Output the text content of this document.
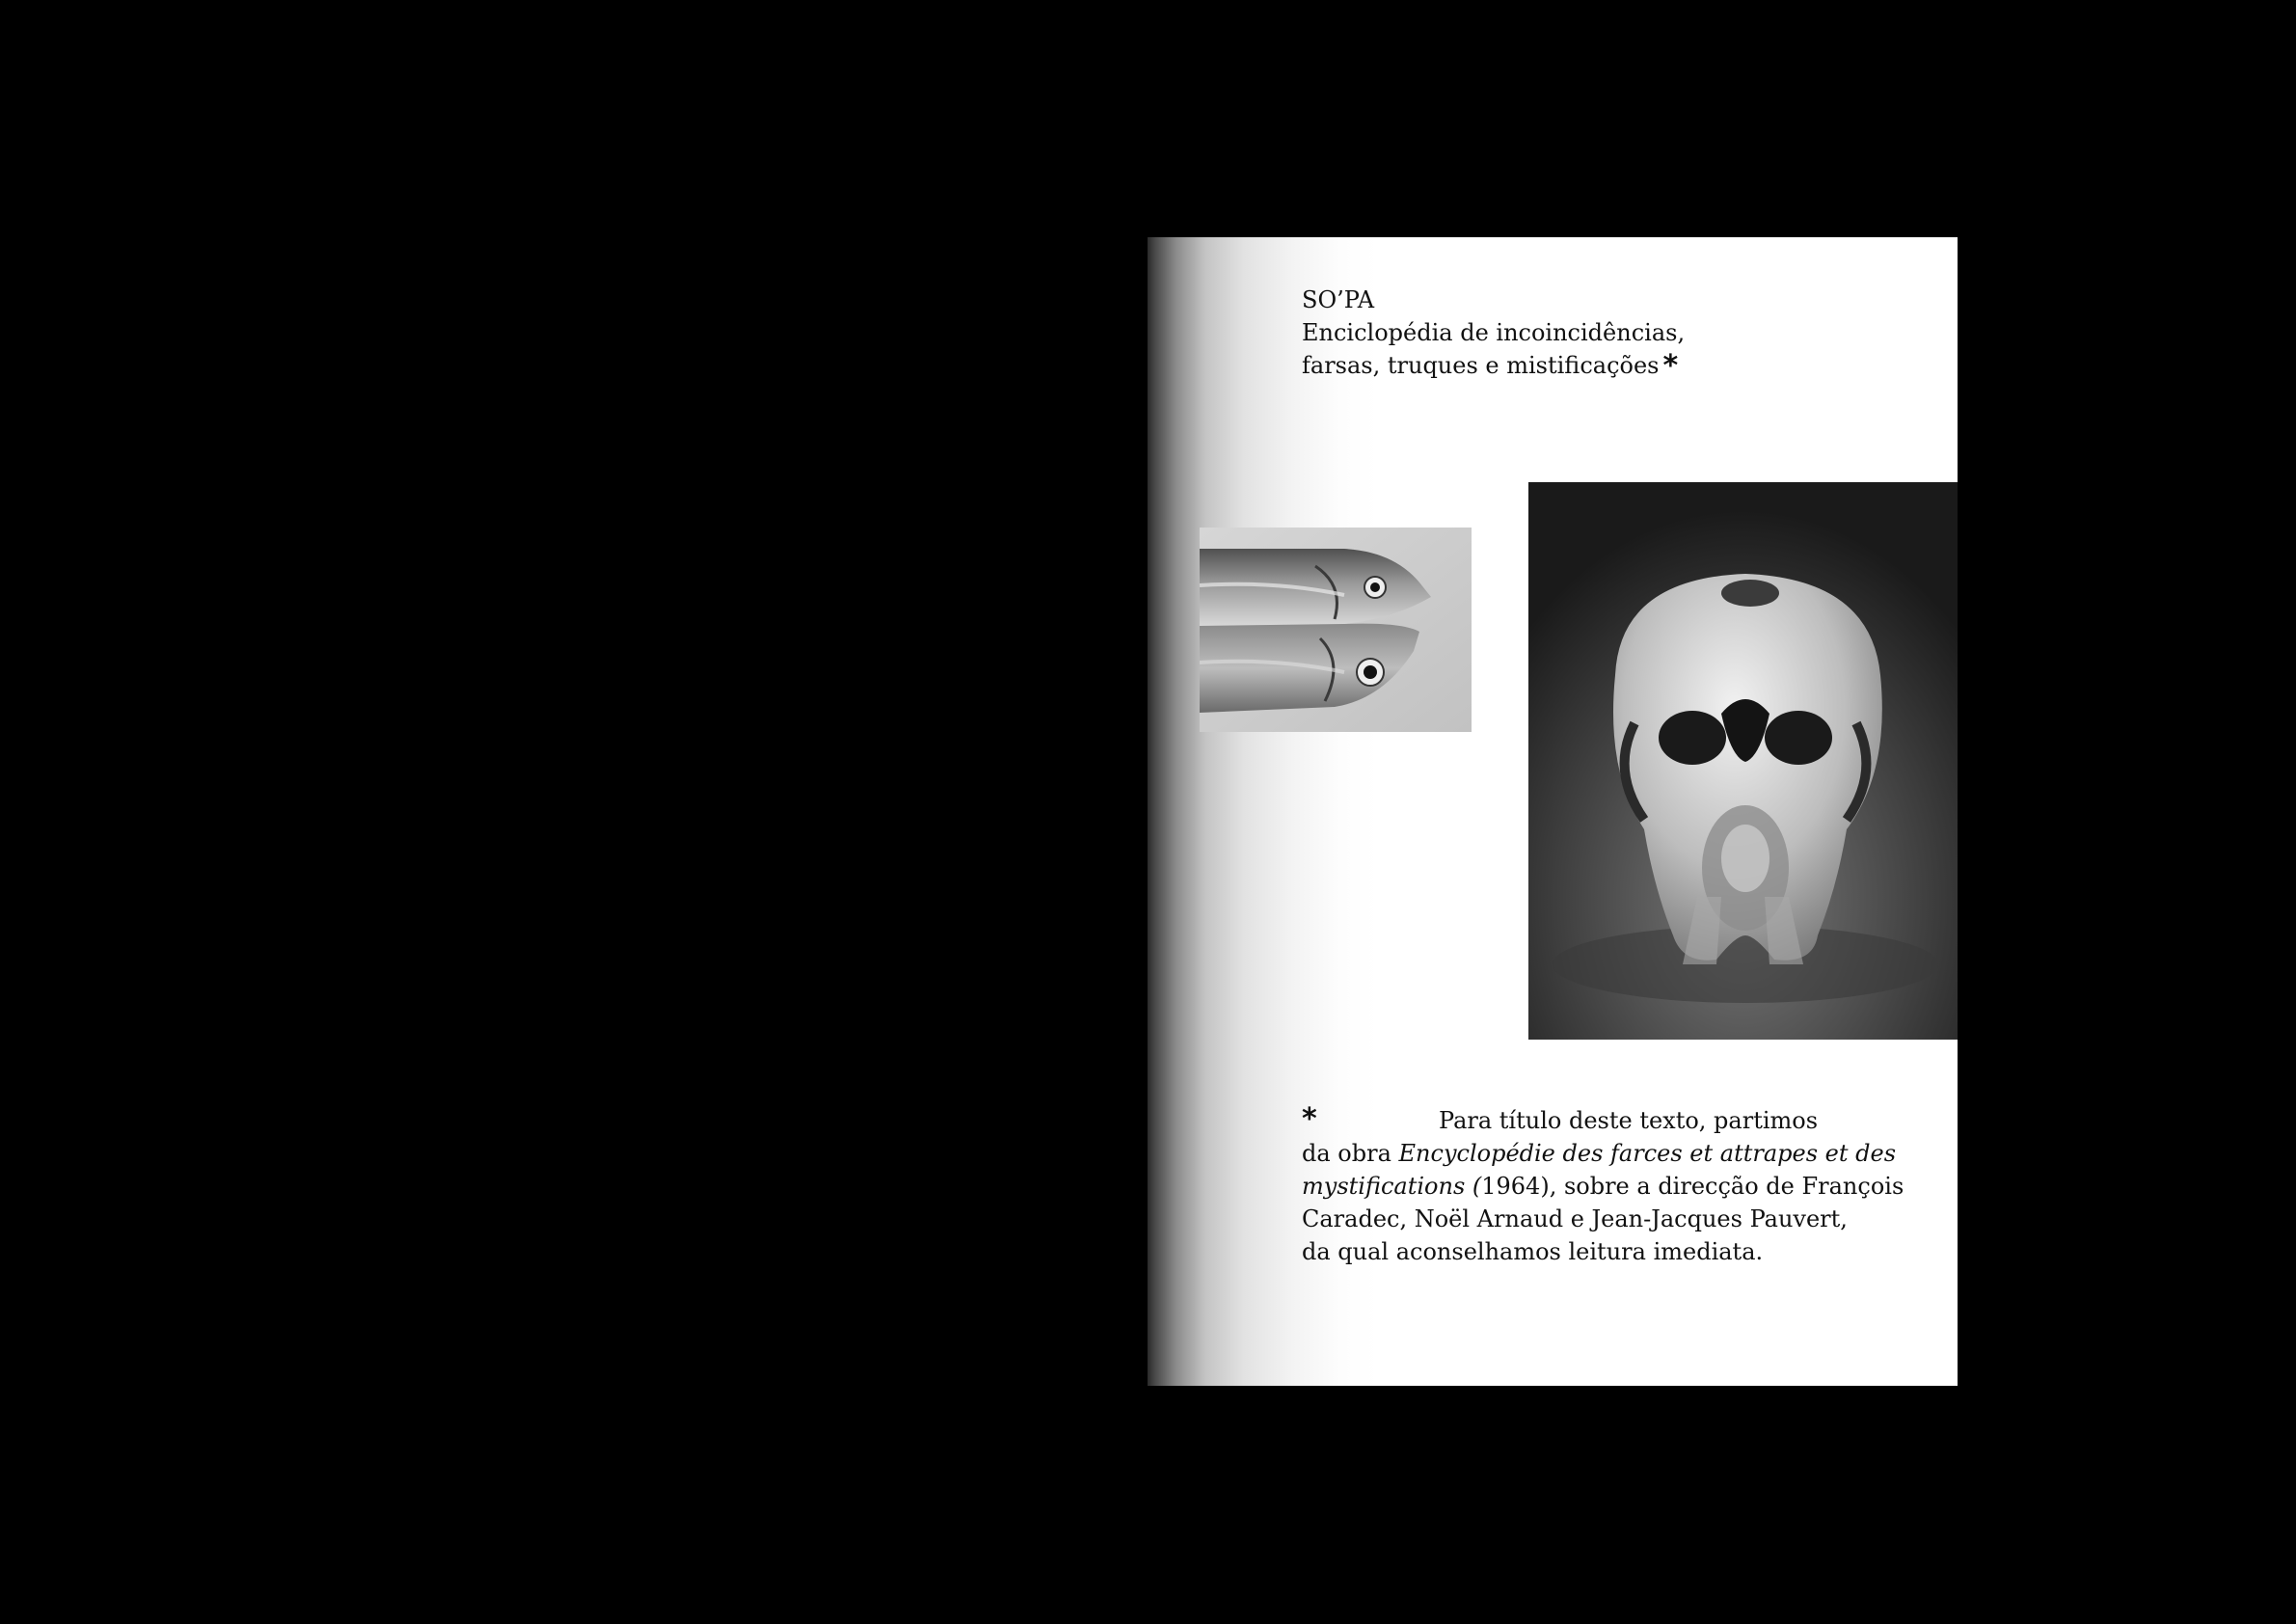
SO’PA
Enciclopédia de incoincidências,
farsas, truques e mistificações *
*	Para título deste texto, partimos
da obra Encyclopédie des farces et attrapes et des
mystifications (1964), sobre a direcção de François
Caradec, Noël Arnaud e Jean-Jacques Pauvert,
da qual aconselhamos leitura imediata.
